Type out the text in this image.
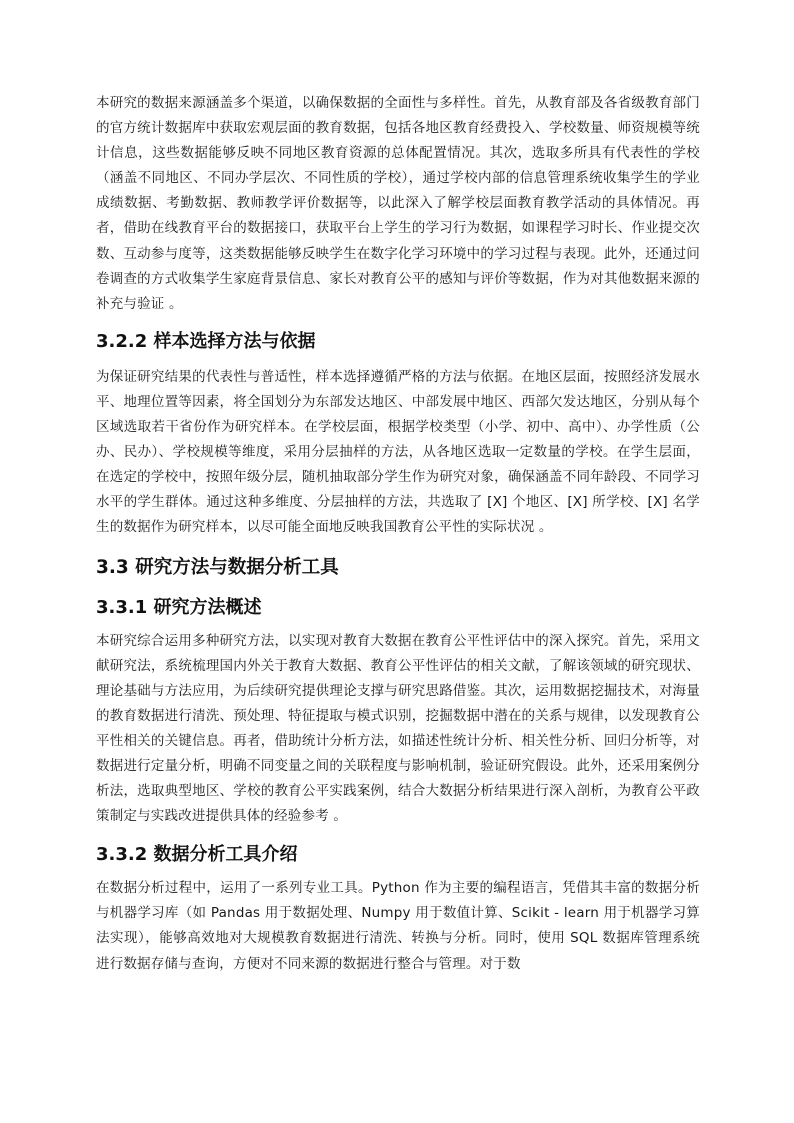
本研究的数据来源涵盖多个渠道，以确保数据的全面性与多样性。首先，从教育部及各省级教育部门的官方统计数据库中获取宏观层面的教育数据，包括各地区教育经费投入、学校数量、师资规模等统计信息，这些数据能够反映不同地区教育资源的总体配置情况。其次，选取多所具有代表性的学校（涵盖不同地区、不同办学层次、不同性质的学校），通过学校内部的信息管理系统收集学生的学业成绩数据、考勤数据、教师教学评价数据等，以此深入了解学校层面教育教学活动的具体情况。再者，借助在线教育平台的数据接口，获取平台上学生的学习行为数据，如课程学习时长、作业提交次数、互动参与度等，这类数据能够反映学生在数字化学习环境中的学习过程与表现。此外，还通过问卷调查的方式收集学生家庭背景信息、家长对教育公平的感知与评价等数据，作为对其他数据来源的补充与验证 。

3.2.2 样本选择方法与依据

为保证研究结果的代表性与普适性，样本选择遵循严格的方法与依据。在地区层面，按照经济发展水平、地理位置等因素，将全国划分为东部发达地区、中部发展中地区、西部欠发达地区，分别从每个区域选取若干省份作为研究样本。在学校层面，根据学校类型（小学、初中、高中）、办学性质（公办、民办）、学校规模等维度，采用分层抽样的方法，从各地区选取一定数量的学校。在学生层面，在选定的学校中，按照年级分层，随机抽取部分学生作为研究对象，确保涵盖不同年龄段、不同学习水平的学生群体。通过这种多维度、分层抽样的方法，共选取了 [X] 个地区、[X] 所学校、[X] 名学生的数据作为研究样本，以尽可能全面地反映我国教育公平性的实际状况 。

3.3 研究方法与数据分析工具
3.3.1 研究方法概述

本研究综合运用多种研究方法，以实现对教育大数据在教育公平性评估中的深入探究。首先，采用文献研究法，系统梳理国内外关于教育大数据、教育公平性评估的相关文献，了解该领域的研究现状、理论基础与方法应用，为后续研究提供理论支撑与研究思路借鉴。其次，运用数据挖掘技术，对海量的教育数据进行清洗、预处理、特征提取与模式识别，挖掘数据中潜在的关系与规律，以发现教育公平性相关的关键信息。再者，借助统计分析方法，如描述性统计分析、相关性分析、回归分析等，对数据进行定量分析，明确不同变量之间的关联程度与影响机制，验证研究假设。此外，还采用案例分析法，选取典型地区、学校的教育公平实践案例，结合大数据分析结果进行深入剖析，为教育公平政策制定与实践改进提供具体的经验参考 。

3.3.2 数据分析工具介绍

在数据分析过程中，运用了一系列专业工具。Python 作为主要的编程语言，凭借其丰富的数据分析与机器学习库（如 Pandas 用于数据处理、Numpy 用于数值计算、Scikit - learn 用于机器学习算法实现），能够高效地对大规模教育数据进行清洗、转换与分析。同时，使用 SQL 数据库管理系统进行数据存储与查询，方便对不同来源的数据进行整合与管理。对于数
